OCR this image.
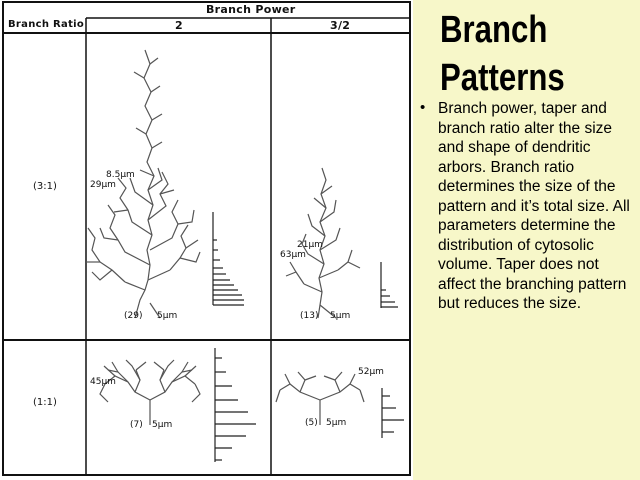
Branch Power
Branch Ratio	2	3/2
(3:1)
(1:1)
8.5µm
29µm
(29) 5µm
21µm
63µm
(13) 5µm
45µm
(7) 5µm
52µm
(5) 5µm
Branch
Patterns
• Branch power, taper and branch ratio alter the size and shape of dendritic arbors. Branch ratio determines the size of the pattern and it’s total size. All parameters determine the distribution of cytosolic volume. Taper does not affect the branching pattern but reduces the size.
